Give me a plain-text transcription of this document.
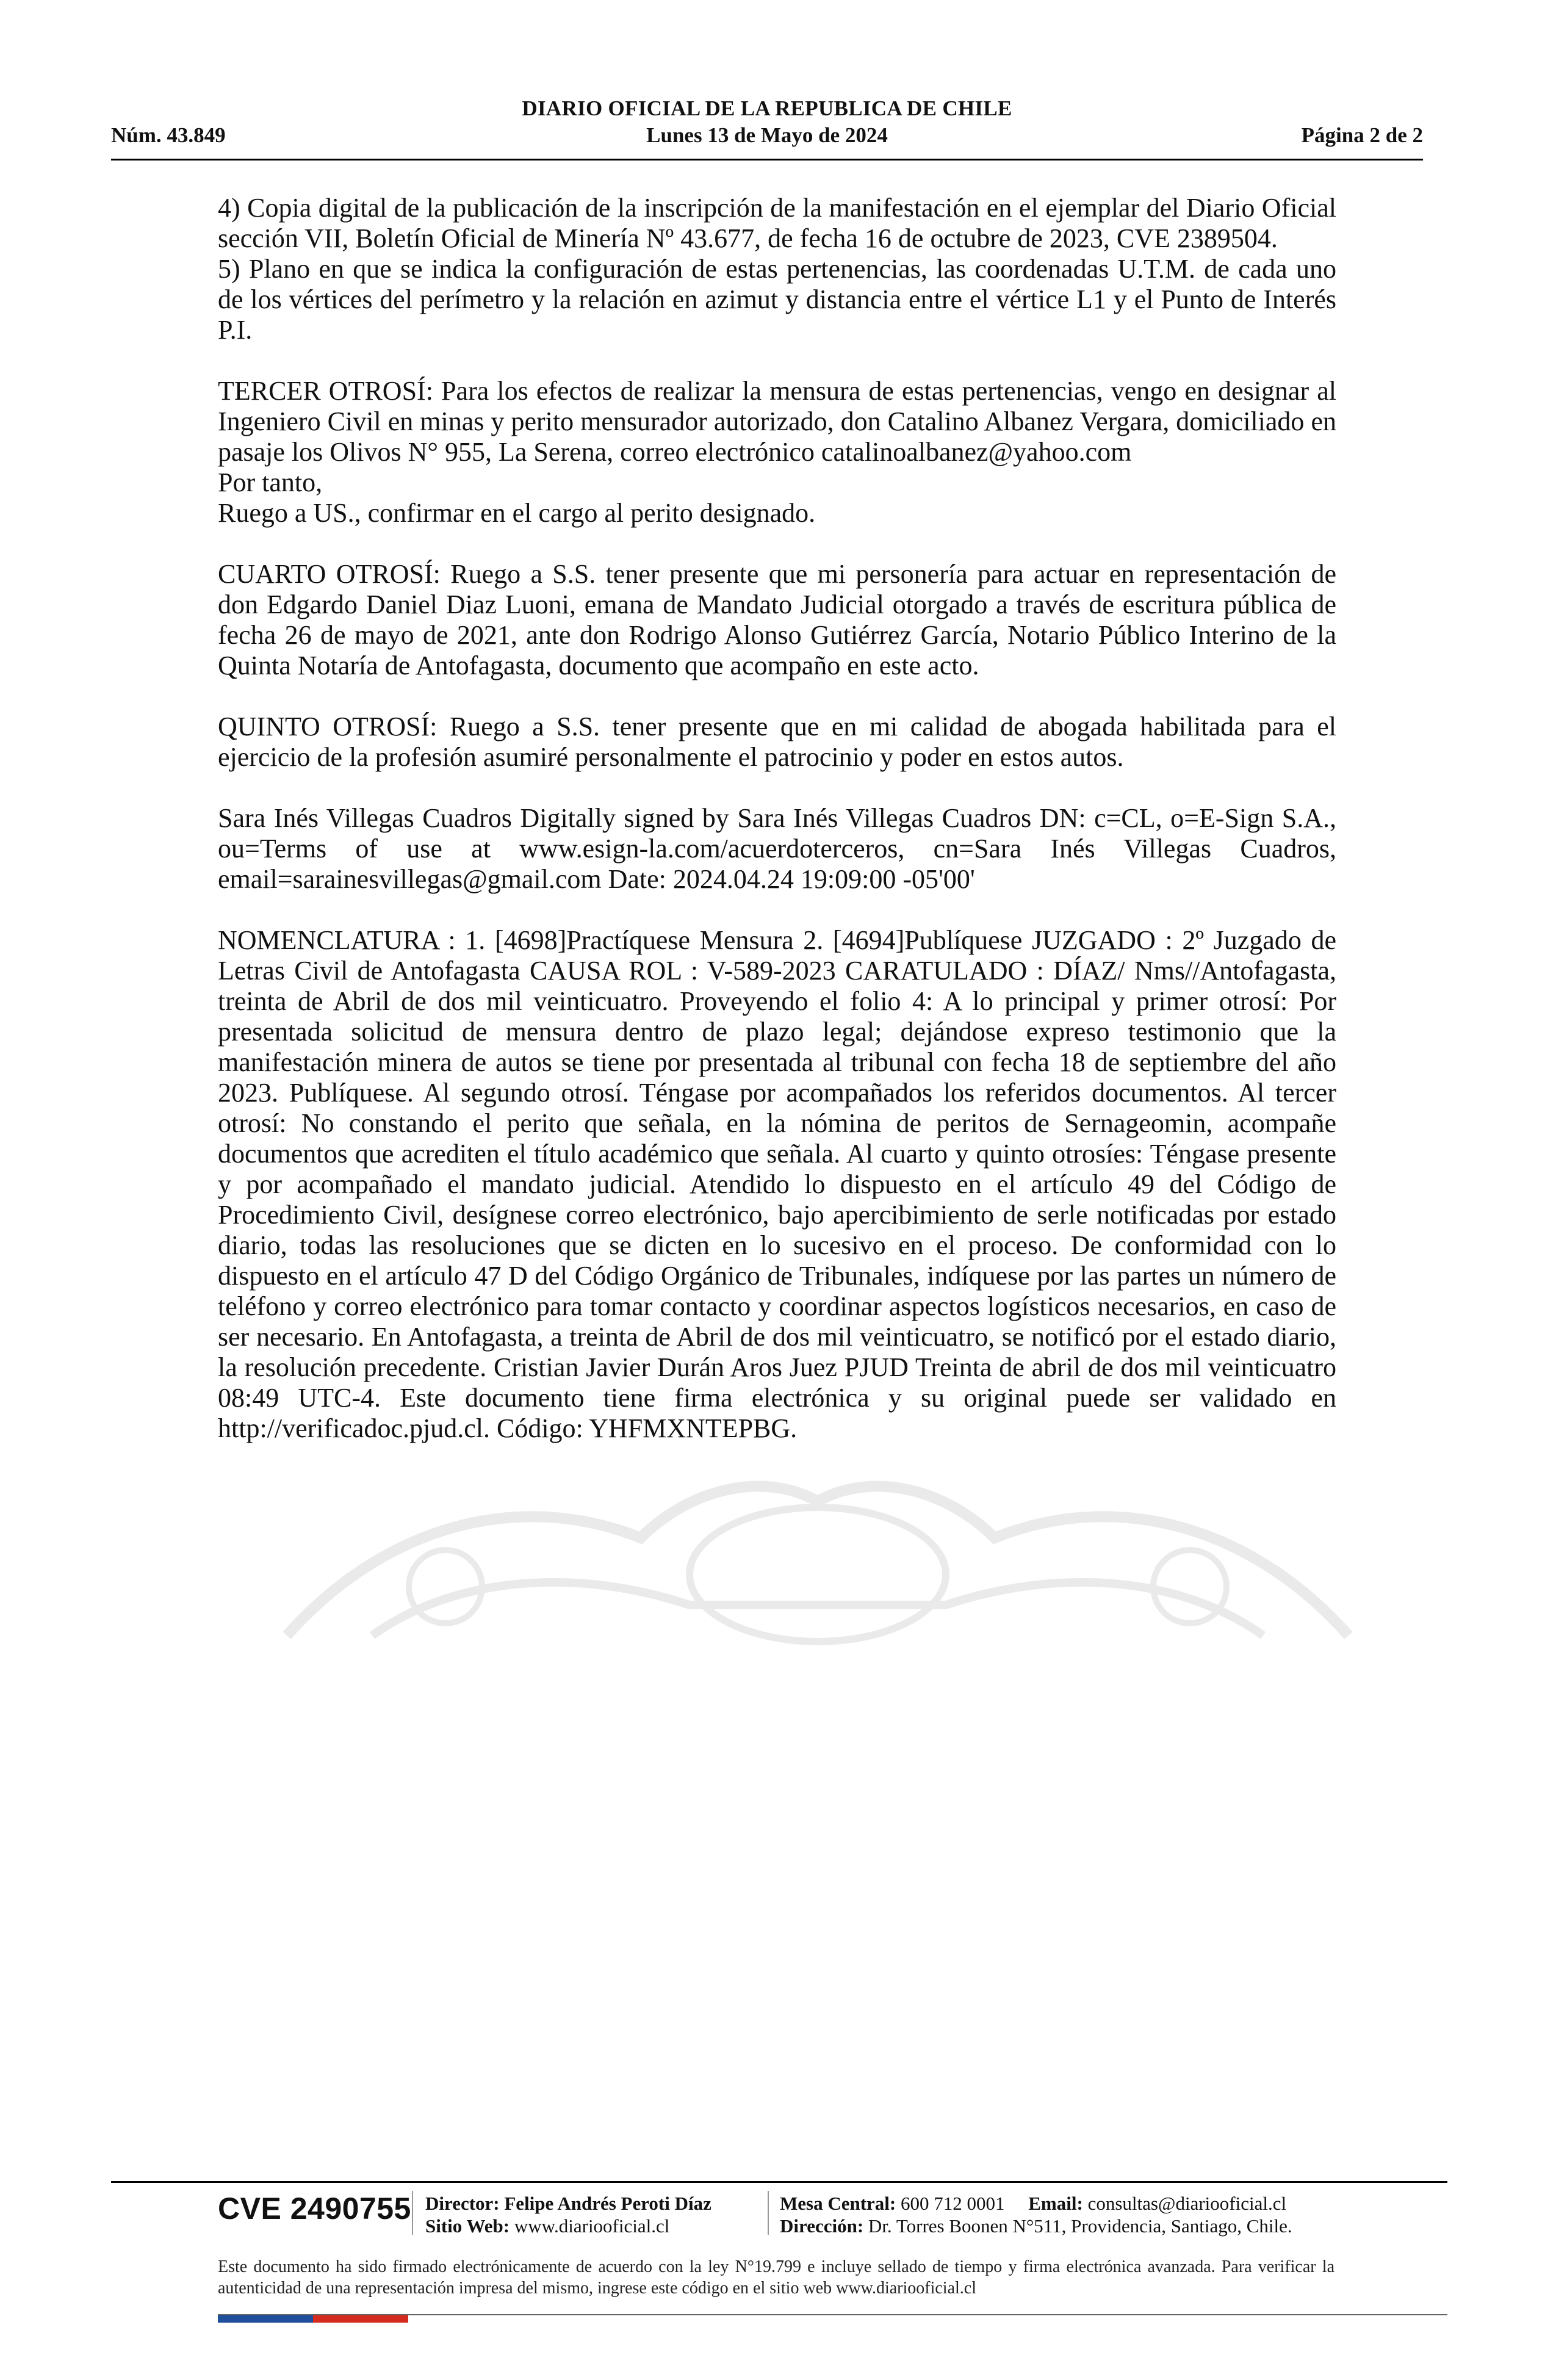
DIARIO OFICIAL DE LA REPUBLICA DE CHILE
Núm. 43.849	Lunes 13 de Mayo de 2024	Página 2 de 2

4) Copia digital de la publicación de la inscripción de la manifestación en el ejemplar del Diario Oficial sección VII, Boletín Oficial de Minería Nº 43.677, de fecha 16 de octubre de 2023, CVE 2389504.

5) Plano en que se indica la configuración de estas pertenencias, las coordenadas U.T.M. de cada uno de los vértices del perímetro y la relación en azimut y distancia entre el vértice L1 y el Punto de Interés P.I.

TERCER OTROSÍ: Para los efectos de realizar la mensura de estas pertenencias, vengo en designar al Ingeniero Civil en minas y perito mensurador autorizado, don Catalino Albanez Vergara, domiciliado en pasaje los Olivos N° 955, La Serena, correo electrónico catalinoalbanez@yahoo.com

Por tanto,

Ruego a US., confirmar en el cargo al perito designado.

CUARTO OTROSÍ: Ruego a S.S. tener presente que mi personería para actuar en representación de don Edgardo Daniel Diaz Luoni, emana de Mandato Judicial otorgado a través de escritura pública de fecha 26 de mayo de 2021, ante don Rodrigo Alonso Gutiérrez García, Notario Público Interino de la Quinta Notaría de Antofagasta, documento que acompaño en este acto.

QUINTO OTROSÍ: Ruego a S.S. tener presente que en mi calidad de abogada habilitada para el ejercicio de la profesión asumiré personalmente el patrocinio y poder en estos autos.

Sara Inés Villegas Cuadros Digitally signed by Sara Inés Villegas Cuadros DN: c=CL, o=E-Sign S.A., ou=Terms of use at www.esign-la.com/acuerdoterceros, cn=Sara Inés Villegas Cuadros, email=sarainesvillegas@gmail.com Date: 2024.04.24 19:09:00 -05'00'

NOMENCLATURA : 1. [4698]Practíquese Mensura 2. [4694]Publíquese JUZGADO : 2º Juzgado de Letras Civil de Antofagasta CAUSA ROL : V-589-2023 CARATULADO : DÍAZ/ Nms//Antofagasta, treinta de Abril de dos mil veinticuatro. Proveyendo el folio 4: A lo principal y primer otrosí: Por presentada solicitud de mensura dentro de plazo legal; dejándose expreso testimonio que la manifestación minera de autos se tiene por presentada al tribunal con fecha 18 de septiembre del año 2023. Publíquese. Al segundo otrosí. Téngase por acompañados los referidos documentos. Al tercer otrosí: No constando el perito que señala, en la nómina de peritos de Sernageomin, acompañe documentos que acrediten el título académico que señala. Al cuarto y quinto otrosíes: Téngase presente y por acompañado el mandato judicial. Atendido lo dispuesto en el artículo 49 del Código de Procedimiento Civil, desígnese correo electrónico, bajo apercibimiento de serle notificadas por estado diario, todas las resoluciones que se dicten en lo sucesivo en el proceso. De conformidad con lo dispuesto en el artículo 47 D del Código Orgánico de Tribunales, indíquese por las partes un número de teléfono y correo electrónico para tomar contacto y coordinar aspectos logísticos necesarios, en caso de ser necesario. En Antofagasta, a treinta de Abril de dos mil veinticuatro, se notificó por el estado diario, la resolución precedente. Cristian Javier Durán Aros Juez PJUD Treinta de abril de dos mil veinticuatro 08:49 UTC-4. Este documento tiene firma electrónica y su original puede ser validado en http://verificadoc.pjud.cl. Código: YHFMXNTEPBG.

CVE 2490755 Director: Felipe Andrés Peroti Díaz
Sitio Web: www.diariooficial.cl
Mesa Central: 600 712 0001 Email: consultas@diariooficial.cl
Dirección: Dr. Torres Boonen N°511, Providencia, Santiago, Chile.
Este documento ha sido firmado electrónicamente de acuerdo con la ley N°19.799 e incluye sellado de tiempo y firma electrónica avanzada. Para verificar la autenticidad de una representación impresa del mismo, ingrese este código en el sitio web www.diariooficial.cl
